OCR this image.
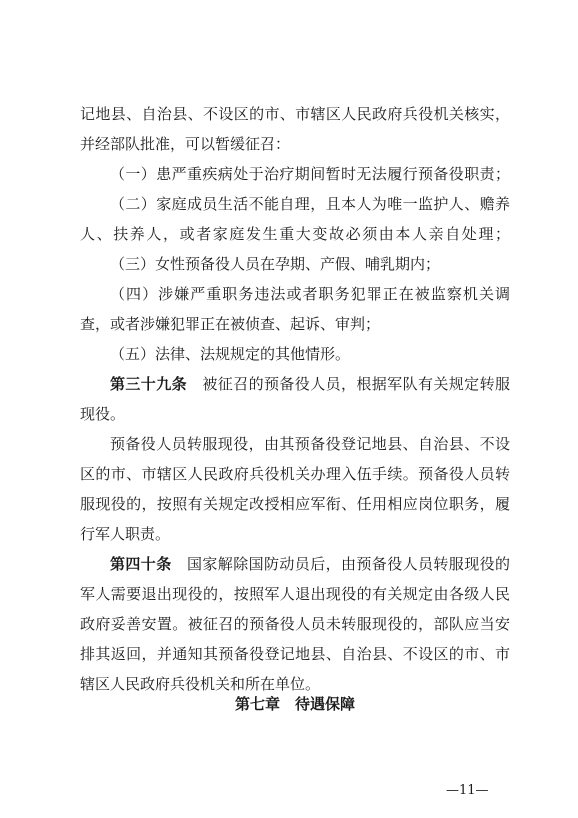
记地县、自治县、不设区的市、市辖区人民政府兵役机关核实，
并经部队批准，可以暂缓征召：
（一）患严重疾病处于治疗期间暂时无法履行预备役职责；
（二）家庭成员生活不能自理，且本人为唯一监护人、赡养
人、扶养人，或者家庭发生重大变故必须由本人亲自处理；
（三）女性预备役人员在孕期、产假、哺乳期内；
（四）涉嫌严重职务违法或者职务犯罪正在被监察机关调
查，或者涉嫌犯罪正在被侦查、起诉、审判；
（五）法律、法规规定的其他情形。
第三十九条　被征召的预备役人员，根据军队有关规定转服
现役。
预备役人员转服现役，由其预备役登记地县、自治县、不设
区的市、市辖区人民政府兵役机关办理入伍手续。预备役人员转
服现役的，按照有关规定改授相应军衔、任用相应岗位职务，履
行军人职责。
第四十条　国家解除国防动员后，由预备役人员转服现役的
军人需要退出现役的，按照军人退出现役的有关规定由各级人民
政府妥善安置。被征召的预备役人员未转服现役的，部队应当安
排其返回，并通知其预备役登记地县、自治县、不设区的市、市
辖区人民政府兵役机关和所在单位。
第七章　待遇保障
—11—
